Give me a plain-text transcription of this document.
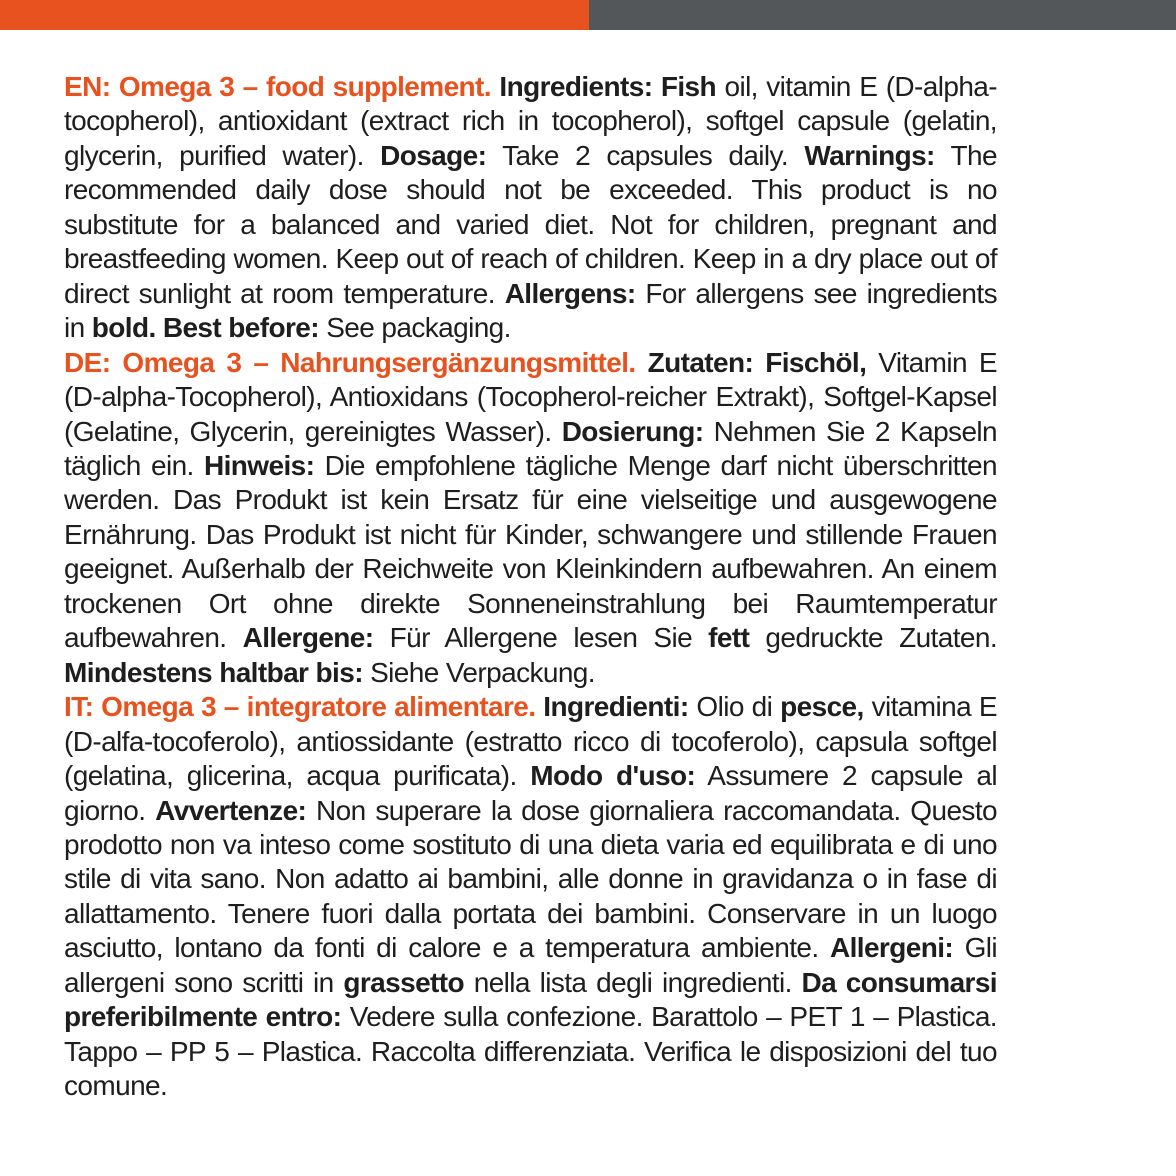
EN: Omega 3 – food supplement. Ingredients: Fish oil, vitamin E (D-alpha-tocopherol), antioxidant (extract rich in tocopherol), softgel capsule (gelatin, glycerin, purified water). Dosage: Take 2 capsules daily. Warnings: The recommended daily dose should not be exceeded. This product is no substitute for a balanced and varied diet. Not for children, pregnant and breastfeeding women. Keep out of reach of children. Keep in a dry place out of direct sunlight at room temperature. Allergens: For allergens see ingredients in bold. Best before: See packaging.

DE: Omega 3 – Nahrungsergänzungsmittel. Zutaten: Fischöl, Vitamin E (D-alpha-Tocopherol), Antioxidans (Tocopherol-reicher Extrakt), Softgel-Kapsel (Gelatine, Glycerin, gereinigtes Wasser). Dosierung: Nehmen Sie 2 Kapseln täglich ein. Hinweis: Die empfohlene tägliche Menge darf nicht überschritten werden. Das Produkt ist kein Ersatz für eine vielseitige und ausgewogene Ernährung. Das Produkt ist nicht für Kinder, schwangere und stillende Frauen geeignet. Außerhalb der Reichweite von Kleinkindern aufbewahren. An einem trockenen Ort ohne direkte Sonneneinstrahlung bei Raumtemperatur aufbewahren. Allergene: Für Allergene lesen Sie fett gedruckte Zutaten. Mindestens haltbar bis: Siehe Verpackung.

IT: Omega 3 – integratore alimentare. Ingredienti: Olio di pesce, vitamina E (D-alfa-tocoferolo), antiossidante (estratto ricco di tocoferolo), capsula softgel (gelatina, glicerina, acqua purificata). Modo d'uso: Assumere 2 capsule al giorno. Avvertenze: Non superare la dose giornaliera raccomandata. Questo prodotto non va inteso come sostituto di una dieta varia ed equilibrata e di uno stile di vita sano. Non adatto ai bambini, alle donne in gravidanza o in fase di allattamento. Tenere fuori dalla portata dei bambini. Conservare in un luogo asciutto, lontano da fonti di calore e a temperatura ambiente. Allergeni: Gli allergeni sono scritti in grassetto nella lista degli ingredienti. Da consumarsi preferibilmente entro: Vedere sulla confezione. Barattolo – PET 1 – Plastica. Tappo – PP 5 – Plastica. Raccolta differenziata. Verifica le disposizioni del tuo comune.
